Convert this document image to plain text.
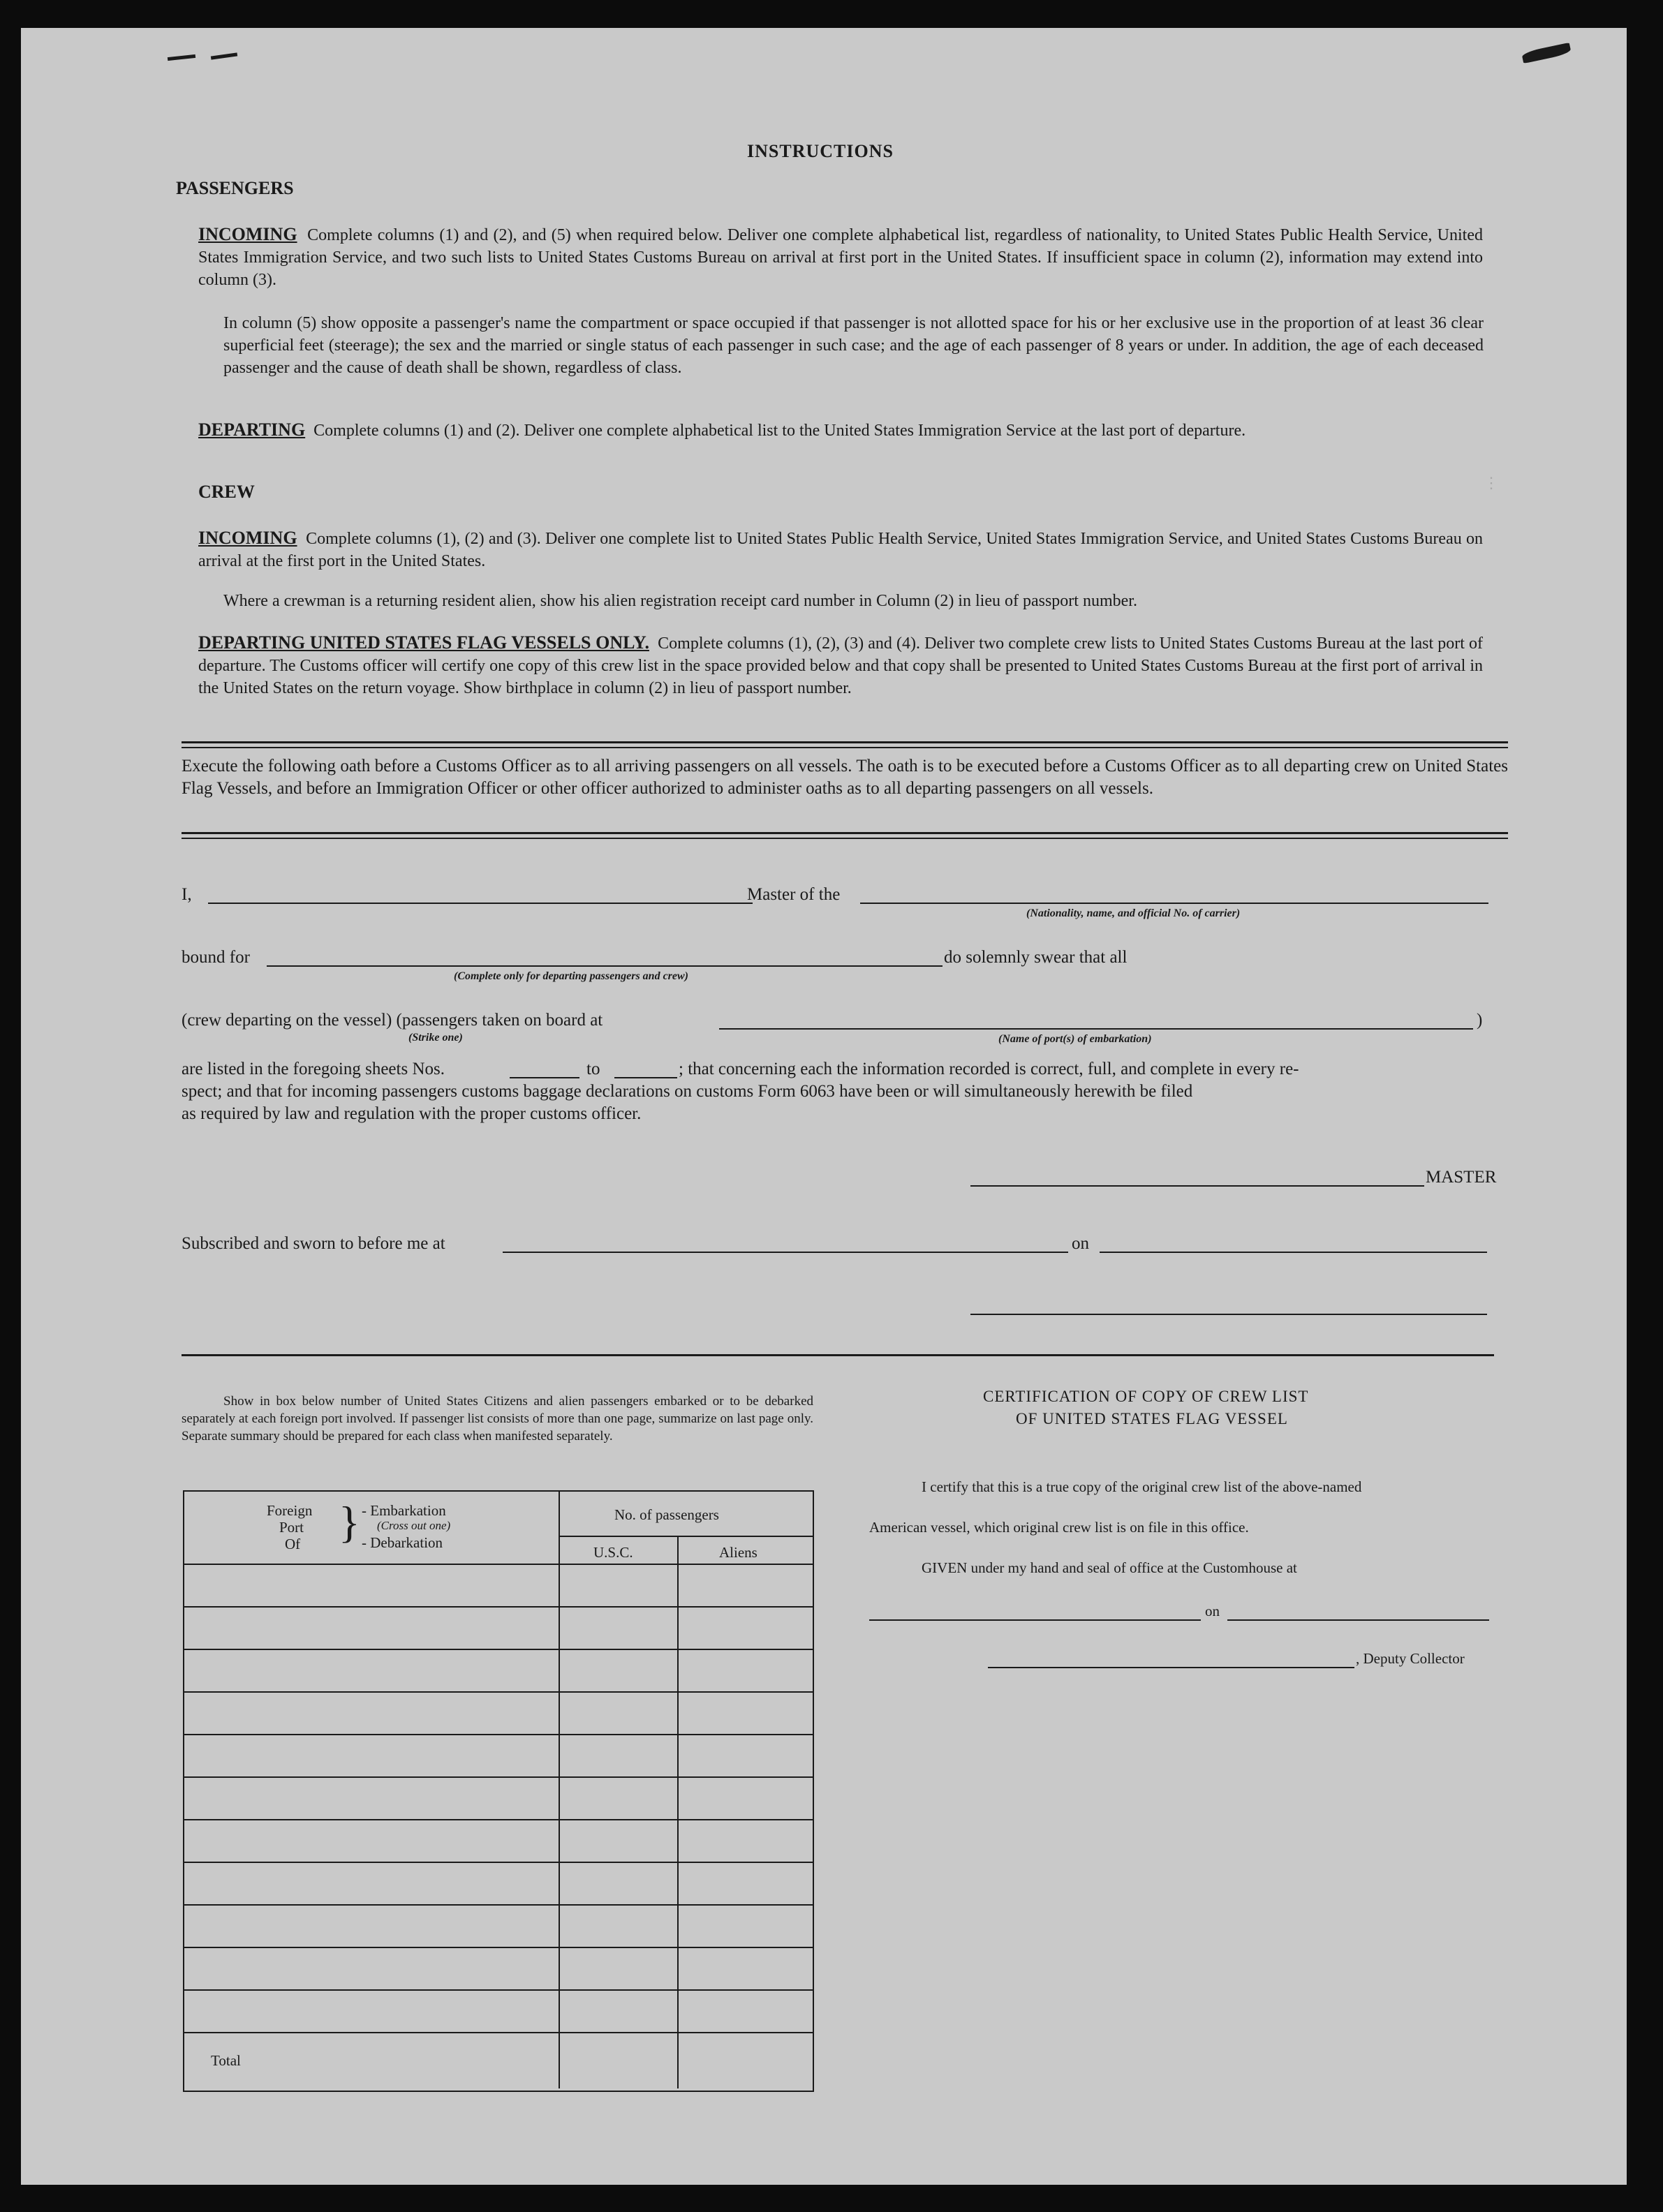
⋮
INSTRUCTIONS
PASSENGERS
INCOMING Complete columns (1) and (2), and (5) when required below. Deliver one complete alphabetical list, regardless of nationality, to United States Public Health Service, United States Immigration Service, and two such lists to United States Customs Bureau on arrival at first port in the United States. If insufficient space in column (2), information may extend into column (3).
In column (5) show opposite a passenger's name the compartment or space occupied if that passenger is not allotted space for his or her exclusive use in the proportion of at least 36 clear superficial feet (steerage); the sex and the married or single status of each passenger in such case; and the age of each passenger of 8 years or under. In addition, the age of each deceased passenger and the cause of death shall be shown, regardless of class.
DEPARTING Complete columns (1) and (2). Deliver one complete alphabetical list to the United States Immigration Service at the last port of departure.
CREW
INCOMING Complete columns (1), (2) and (3). Deliver one complete list to United States Public Health Service, United States Immigration Service, and United States Customs Bureau on arrival at the first port in the United States.
Where a crewman is a returning resident alien, show his alien registration receipt card number in Column (2) in lieu of passport number.
DEPARTING UNITED STATES FLAG VESSELS ONLY. Complete columns (1), (2), (3) and (4). Deliver two complete crew lists to United States Customs Bureau at the last port of departure. The Customs officer will certify one copy of this crew list in the space provided below and that copy shall be presented to United States Customs Bureau at the first port of arrival in the United States on the return voyage. Show birthplace in column (2) in lieu of passport number.
Execute the following oath before a Customs Officer as to all arriving passengers on all vessels. The oath is to be executed before a Customs Officer as to all departing crew on United States Flag Vessels, and before an Immigration Officer or other officer authorized to administer oaths as to all departing passengers on all vessels.
I,	Master of the
(Nationality, name, and official No. of carrier)
bound for
(Complete only for departing passengers and crew)
do solemnly swear that all
(crew departing on the vessel) (passengers taken on board at
(Strike one)	(Name of port(s) of embarkation)
)
are listed in the foregoing sheets Nos.	to	; that concerning each the information recorded is correct, full, and complete in every re-
spect; and that for incoming passengers customs baggage declarations on customs Form 6063 have been or will simultaneously herewith be filed
as required by law and regulation with the proper customs officer.
MASTER
Subscribed and sworn to before me at	on
Show in box below number of United States Citizens and alien passengers embarked or to be debarked separately at each foreign port involved. If passenger list consists of more than one page, summarize on last page only. Separate summary should be prepared for each class when manifested separately.
Foreign
Port
Of } - Embarkation
(Cross out one)
- Debarkation
No. of passengers
U.S.C.	Aliens
Total
CERTIFICATION OF COPY OF CREW LIST
OF UNITED STATES FLAG VESSEL
I certify that this is a true copy of the original crew list of the above-named
American vessel, which original crew list is on file in this office.
GIVEN under my hand and seal of office at the Customhouse at
on
, Deputy Collector
